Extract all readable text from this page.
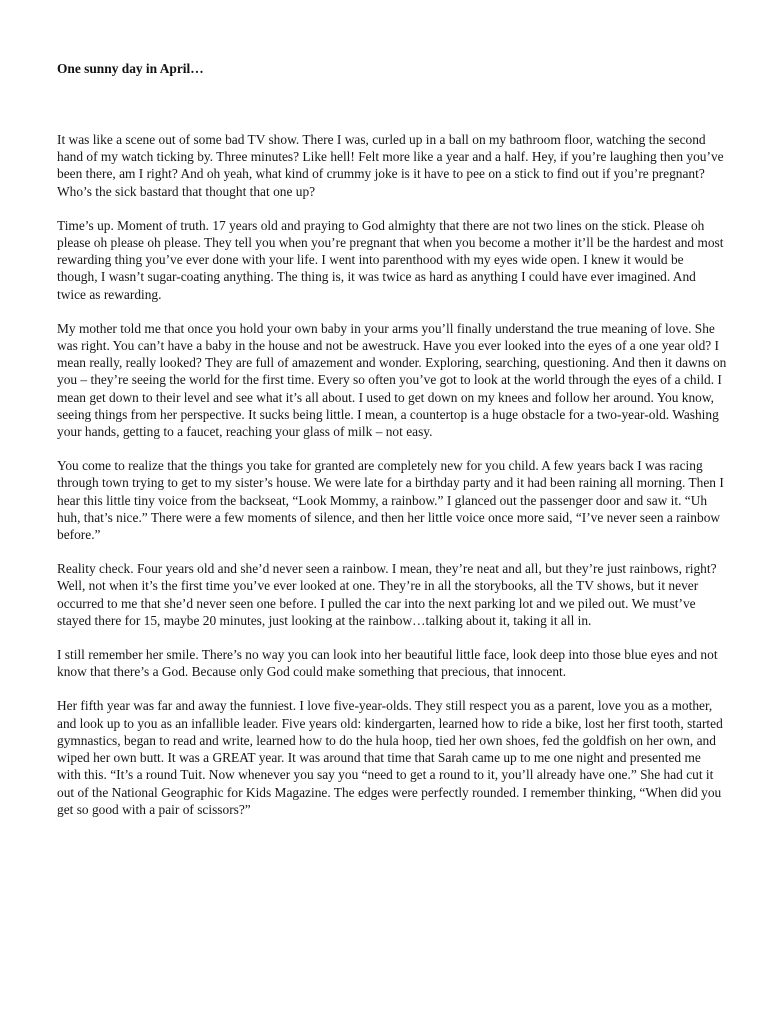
One sunny day in April…

It was like a scene out of some bad TV show. There I was, curled up in a ball on my bathroom floor, watching the second hand of my watch ticking by. Three minutes? Like hell! Felt more like a year and a half. Hey, if you’re laughing then you’ve been there, am I right? And oh yeah, what kind of crummy joke is it have to pee on a stick to find out if you’re pregnant? Who’s the sick bastard that thought that one up?

Time’s up. Moment of truth. 17 years old and praying to God almighty that there are not two lines on the stick. Please oh please oh please oh please. They tell you when you’re pregnant that when you become a mother it’ll be the hardest and most rewarding thing you’ve ever done with your life. I went into parenthood with my eyes wide open. I knew it would be though, I wasn’t sugar-coating anything. The thing is, it was twice as hard as anything I could have ever imagined. And twice as rewarding.

My mother told me that once you hold your own baby in your arms you’ll finally understand the true meaning of love. She was right. You can’t have a baby in the house and not be awestruck. Have you ever looked into the eyes of a one year old? I mean really, really looked? They are full of amazement and wonder. Exploring, searching, questioning. And then it dawns on you – they’re seeing the world for the first time. Every so often you’ve got to look at the world through the eyes of a child. I mean get down to their level and see what it’s all about. I used to get down on my knees and follow her around. You know, seeing things from her perspective. It sucks being little. I mean, a countertop is a huge obstacle for a two-year-old. Washing your hands, getting to a faucet, reaching your glass of milk – not easy.

You come to realize that the things you take for granted are completely new for you child. A few years back I was racing through town trying to get to my sister’s house. We were late for a birthday party and it had been raining all morning. Then I hear this little tiny voice from the backseat, “Look Mommy, a rainbow.” I glanced out the passenger door and saw it. “Uh huh, that’s nice.” There were a few moments of silence, and then her little voice once more said, “I’ve never seen a rainbow before.”

Reality check. Four years old and she’d never seen a rainbow. I mean, they’re neat and all, but they’re just rainbows, right? Well, not when it’s the first time you’ve ever looked at one. They’re in all the storybooks, all the TV shows, but it never occurred to me that she’d never seen one before. I pulled the car into the next parking lot and we piled out. We must’ve stayed there for 15, maybe 20 minutes, just looking at the rainbow…talking about it, taking it all in.

I still remember her smile. There’s no way you can look into her beautiful little face, look deep into those blue eyes and not know that there’s a God. Because only God could make something that precious, that innocent.

Her fifth year was far and away the funniest. I love five-year-olds. They still respect you as a parent, love you as a mother, and look up to you as an infallible leader. Five years old: kindergarten, learned how to ride a bike, lost her first tooth, started gymnastics, began to read and write, learned how to do the hula hoop, tied her own shoes, fed the goldfish on her own, and wiped her own butt. It was a GREAT year. It was around that time that Sarah came up to me one night and presented me with this. “It’s a round Tuit. Now whenever you say you “need to get a round to it, you’ll already have one.” She had cut it out of the National Geographic for Kids Magazine. The edges were perfectly rounded. I remember thinking, “When did you get so good with a pair of scissors?”
